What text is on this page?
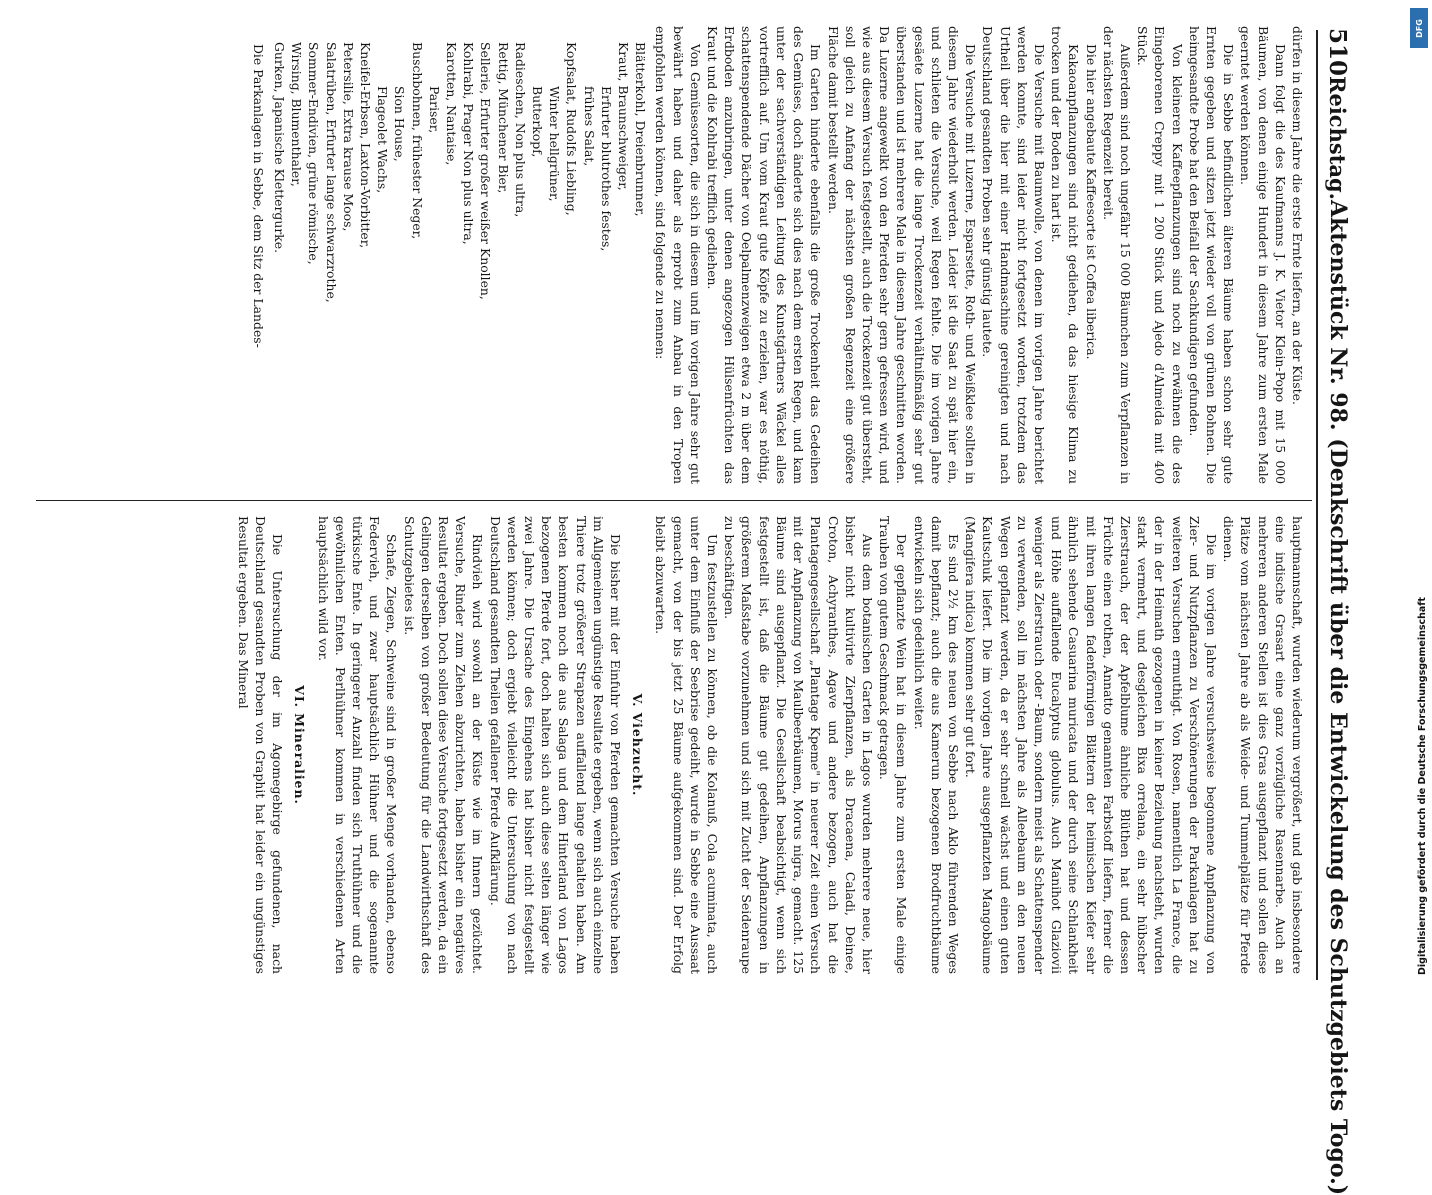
510
Reichstag.
Aktenstück Nr. 98. (Denkschrift über die Entwickelung des Schutzgebiets Togo.)

dürfen in diesem Jahre die erste Ernte liefern, an der Küste.

Dann folgt die des Kaufmanns J. K. Vietor Klein-Popo mit 15 000 Bäumen, von denen einige Hundert in diesem Jahre zum ersten Male geerntet werden können.

Die in Sebbe befindlichen älteren Bäume haben schon sehr gute Ernten gegeben und sitzen jetzt wieder voll von grünen Bohnen. Die heimgesandte Probe hat den Beifall der Sachkundigen gefunden.

Von kleineren Kaffeepflanzungen sind noch zu erwähnen die des Eingeborenen Creppy mit 1 200 Stück und Ajedo d'Almeida mit 400 Stück.

Außerdem sind noch ungefähr 15 000 Bäumchen zum Verpflanzen in der nächsten Regenzeit bereit.

Die hier angebaute Kaffeesorte ist Coffea liberica.

Kakaoanpflanzungen sind nicht gediehen, da das hiesige Klima zu trocken und der Boden zu hart ist.

Die Versuche mit Baumwolle, von denen im vorigen Jahre berichtet werden konnte, sind leider nicht fortgesetzt worden, trotzdem das Urtheil über die hier mit einer Handmaschine gereinigten und nach Deutschland gesandten Proben sehr günstig lautete.

Die Versuche mit Luzerne, Esparsette, Roth- und Weißklee sollten in diesem Jahre wiederholt werden. Leider ist die Saat zu spät hier ein, und schlieten die Versuche, weil Regen fehlte. Die im vorigen Jahre gesäete Luzerne hat die lange Trockenzeit verhältnißmäßig sehr gut überstanden und ist mehrere Male in diesem Jahre geschnitten worden. Da Luzerne angewelkt von den Pferden sehr gern gefressen wird, und wie aus diesem Versuch festgestellt, auch die Trockenzeit gut übersteht, soll gleich zu Anfang der nächsten großen Regenzeit eine größere Fläche damit bestellt werden.

Im Garten hinderte ebenfalls die große Trockenheit das Gedeihen des Gemüses, doch änderte sich dies nach dem ersten Regen, und kam unter der sachverständigen Leitung des Kunstgärtners Wäckel alles vortrefflich auf. Um vom Kraut gute Köpfe zu erzielen, war es nöthig, schattenspendende Dächer von Oelpalmenzweigen etwa 2 m über dem Erdboden anzubringen, unter denen angezogen Hülsenfrüchten das Kraut und die Kohlrabi trefflich gediehen.

Von Gemüsesorten, die sich in diesem und im vorigen Jahre sehr gut bewährt haben und daher als erprobt zum Anbau in den Tropen empfohlen werden können, sind folgende zu nennen:

Blätterkohl, Dreienbrunner,
Kraut, Braunschweiger,
Erfurter blutrothes festes,
frühes Salat,
Kopfsalat, Rudolfs Liebling,
Winter hellgrüner,
Butterkopf,
Radieschen, Non plus ultra,
Rettig, Münchener Bier,
Sellerie, Erfurter großer weißer Knollen,
Kohlrabi, Prager Non plus ultra,
Karotten, Nantaise,
Pariser,
Buschbohnen, frühester Neger,
Sion House,
Flageolet Wachs,
Kneifel-Erbsen, Laxton-Vorbitter,
Petersilie, Extra krause Moos,
Salatrüben, Erfurter lange schwarzrothe,
Sommer-Endivien, grüne römische,
Wirsing, Blumenthaler,
Gurken, Japanische Klettergurke.

Die Parkanlagen in Sebbe, dem Sitz der Landes-

hauptmannschaft, wurden wiederum vergrößert, und gab insbesondere eine indische Grasart eine ganz vorzügliche Rasennarbe. Auch an mehreren anderen Stellen ist dies Gras ausgepflanzt und sollen diese Plätze vom nächsten Jahre ab als Weide- und Tummelplätze für Pferde dienen.

Die im vorigen Jahre versuchsweise begonnene Anpflanzung von Zier- und Nutzpflanzen zu Verschönerungen der Parkanlagen hat zu weiteren Versuchen ermuthigt. Von Rosen, namentlich La France, die der in der Heimath gezogenen in keiner Beziehung nachsteht, wurden stark vermehrt, und desgleichen Bixa orrelana, ein sehr hübscher Zierstrauch, der der Apfelblume ähnliche Blüthen hat und dessen Früchte einen rothen, Annatto genannten Farbstoff liefern, ferner die mit ihren langen fadenförmigen Blättern der heimischen Kiefer sehr ähnlich sehende Casuarina muricata und der durch seine Schlankheit und Höhe auffallende Eucalyptus globulus. Auch Manihot Glaziovii weniger als Zierstrauch oder -Baum, sondern meist als Schattenspender zu verwenden, soll im nächsten Jahre als Alleebaum an den neuen Wegen gepflanzt werden, da er sehr schnell wächst und einen guten Kautschuk liefert. Die im vorigen Jahre ausgepflanzten Mangobäume (Mangifera indica) kommen sehr gut fort.

Es sind 2½ km des neuen von Sebbe nach Aklo führenden Weges damit bepflanzt; auch die aus Kamerun bezogenen Brodfruchtbäume entwickeln sich gedeihlich weiter.

Der gepflanzte Wein hat in diesem Jahre zum ersten Male einige Trauben von gutem Geschmack getragen.

Aus dem botanischen Garten in Lagos wurden mehrere neue, hier bisher nicht kultivirte Zierpflanzen, als Dracaena, Caladi, Deinee, Croton, Achyranthes, Agave und andere bezogen, auch hat die Plantagengesellschaft „Plantage Kpeme" in neuerer Zeit einen Versuch mit der Anpflanzung von Maulbeerbäumen, Morus nigra, gemacht. 125 Bäume sind ausgepflanzt. Die Gesellschaft beabsichtigt, wenn sich festgestellt ist, daß die Bäume gut gedeihen, Anpflanzungen in größerem Maßstabe vorzunehmen und sich mit Zucht der Seidenraupe zu beschäftigen.

Um festzustellen zu können, ob die Kolanuß, Cola acuminata, auch unter dem Einfluß der Seebrise gedeiht, wurde in Sebbe eine Aussaat gemacht, von der bis jetzt 25 Bäume aufgekommen sind. Der Erfolg bleibt abzuwarten.

V. Viehzucht.

Die bisher mit der Einfuhr von Pferden gemachten Versuche haben im Allgemeinen ungünstige Resultate ergeben, wenn sich auch einzelne Thiere trotz größerer Strapazen auffallend lange gehalten haben. Am besten kommen noch die aus Salaga und dem Hinterland von Lagos bezogenen Pferde fort, doch halten sich auch diese selten länger wie zwei Jahre. Die Ursache des Eingehens hat bisher nicht festgestellt werden können; doch ergiebt vielleicht die Untersuchung von nach Deutschland gesandten Theilen gefallener Pferde Aufklärung.

Rindvieh wird sowohl an der Küste wie im Innern gezüchtet. Versuche, Rinder zum Ziehen abzurichten, haben bisher ein negatives Resultat ergeben. Doch sollen diese Versuche fortgesetzt werden, da ein Gelingen derselben von großer Bedeutung für die Landwirthschaft des Schutzgebietes ist.

Schafe, Ziegen, Schweine sind in großer Menge vorhanden, ebenso Federvieh, und zwar hauptsächlich Hühner und die sogenannte türkische Ente. In geringerer Anzahl finden sich Truthühner und die gewöhnlichen Enten. Perlhühner kommen in verschiedenen Arten hauptsächlich wild vor.

VI. Mineralien.

Die Untersuchung der im Agomegebirge gefundenen, nach Deutschland gesandten Proben von Graphit hat leider ein ungünstiges Resultat ergeben. Das Mineral

DFG
Digitalisierung gefördert durch die Deutsche Forschungsgemeinschaft
